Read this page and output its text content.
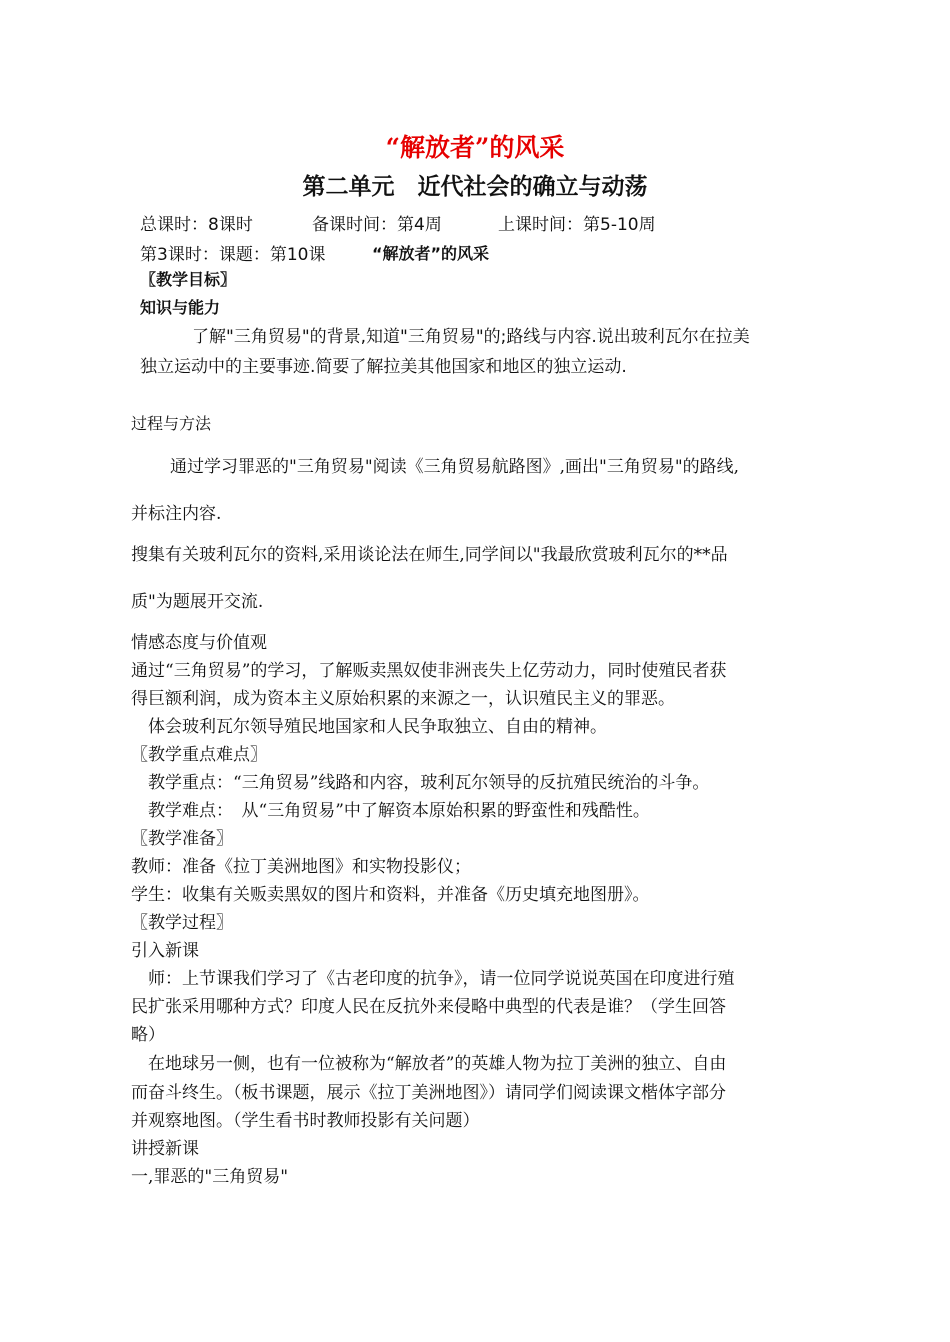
“解放者”的风采
第二单元　近代社会的确立与动荡
总课时：8课时	备课时间：第4周	上课时间：第5-10周
第3课时：课题：第10课	“解放者”的风采
〖教学目标〗
知识与能力
了解"三角贸易"的背景,知道"三角贸易"的;路线与内容.说出玻利瓦尔在拉美
独立运动中的主要事迹.简要了解拉美其他国家和地区的独立运动.
过程与方法
通过学习罪恶的"三角贸易"阅读《三角贸易航路图》,画出"三角贸易"的路线,
并标注内容.
搜集有关玻利瓦尔的资料,采用谈论法在师生,同学间以"我最欣赏玻利瓦尔的**品
质"为题展开交流.
情感态度与价值观
通过“三角贸易”的学习，了解贩卖黑奴使非洲丧失上亿劳动力，同时使殖民者获
得巨额利润，成为资本主义原始积累的来源之一，认识殖民主义的罪恶。
体会玻利瓦尔领导殖民地国家和人民争取独立、自由的精神。
〖教学重点难点〗
教学重点：“三角贸易”线路和内容，玻利瓦尔领导的反抗殖民统治的斗争。
教学难点：　从“三角贸易”中了解资本原始积累的野蛮性和残酷性。
〖教学准备〗
教师：准备《拉丁美洲地图》和实物投影仪；
学生：收集有关贩卖黑奴的图片和资料，并准备《历史填充地图册》。
〖教学过程〗
引入新课
师：上节课我们学习了《古老印度的抗争》，请一位同学说说英国在印度进行殖
民扩张采用哪种方式？印度人民在反抗外来侵略中典型的代表是谁？（学生回答
略）
在地球另一侧，也有一位被称为“解放者”的英雄人物为拉丁美洲的独立、自由
而奋斗终生。（板书课题，展示《拉丁美洲地图》）请同学们阅读课文楷体字部分
并观察地图。（学生看书时教师投影有关问题）
讲授新课
一,罪恶的"三角贸易"
